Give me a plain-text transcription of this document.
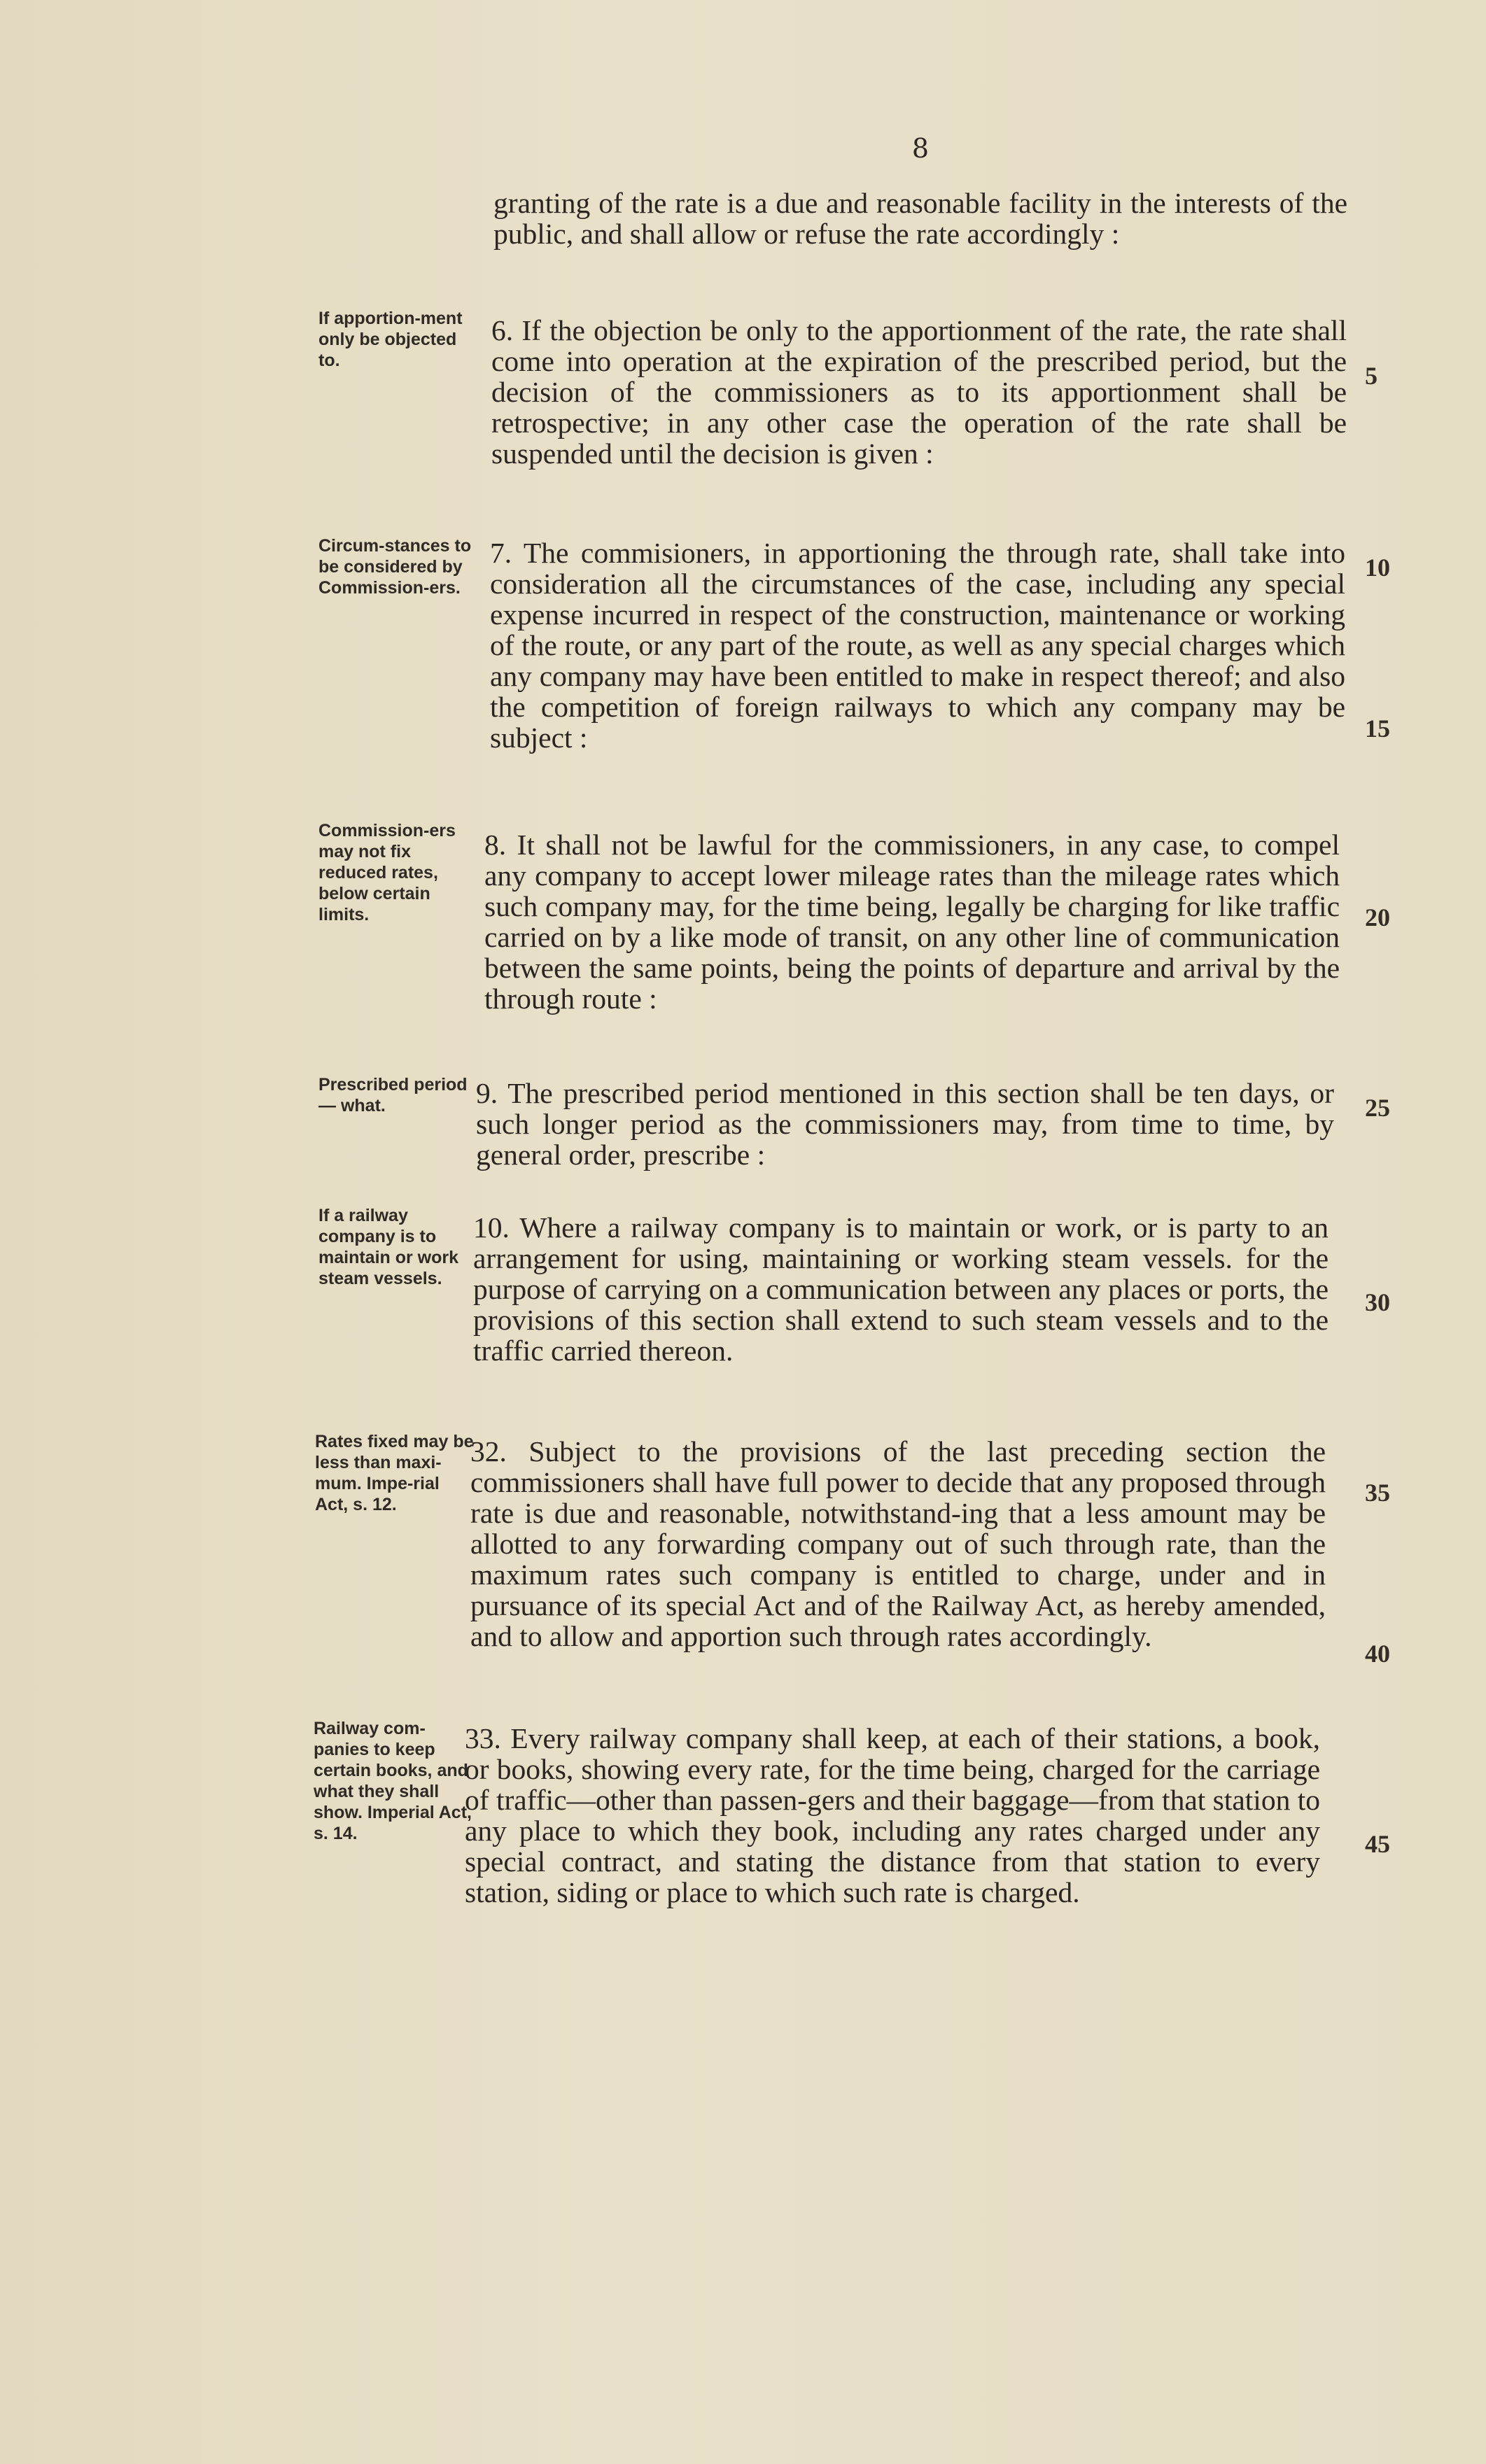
8
granting of the rate is a due and reasonable facility in the interests of the public, and shall allow or refuse the rate accordingly :
If apportion-ment only be objected to.
6. If the objection be only to the apportionment of the rate, the rate shall come into operation at the expiration of the prescribed period, but the decision of the commissioners as to its apportionment shall be retrospective; in any other case the operation of the rate shall be suspended until the decision is given :
Circum-stances to be considered by Commission-ers.
7. The commisioners, in apportioning the through rate, shall take into consideration all the circumstances of the case, including any special expense incurred in respect of the construction, maintenance or working of the route, or any part of the route, as well as any special charges which any company may have been entitled to make in respect thereof; and also the competition of foreign railways to which any company may be subject :
Commission-ers may not fix reduced rates, below certain limits.
8. It shall not be lawful for the commissioners, in any case, to compel any company to accept lower mileage rates than the mileage rates which such company may, for the time being, legally be charging for like traffic carried on by a like mode of transit, on any other line of communication between the same points, being the points of departure and arrival by the through route :
Prescribed period— what.	9. The prescribed period mentioned in this section shall be ten days, or such longer period as the commissioners may, from time to time, by general order, prescribe :
If a railway company is to maintain or work steam vessels.
10. Where a railway company is to maintain or work, or is party to an arrangement for using, maintaining or working steam vessels. for the purpose of carrying on a communication between any places or ports, the provisions of this section shall extend to such steam vessels and to the traffic carried thereon.
Rates fixed may be less than maxi-mum. Impe-rial Act, s. 12.
32. Subject to the provisions of the last preceding section the commissioners shall have full power to decide that any proposed through rate is due and reasonable, notwithstand-ing that a less amount may be allotted to any forwarding company out of such through rate, than the maximum rates such company is entitled to charge, under and in pursuance of its special Act and of the Railway Act, as hereby amended, and to allow and apportion such through rates accordingly.
Railway com-panies to keep certain books, and what they shall show. Imperial Act, s. 14.
33. Every railway company shall keep, at each of their stations, a book, or books, showing every rate, for the time being, charged for the carriage of traffic—other than passen-gers and their baggage—from that station to any place to which they book, including any rates charged under any special contract, and stating the distance from that station to every station, siding or place to which such rate is charged.
5
10
15
20
25
30
35
40
45
